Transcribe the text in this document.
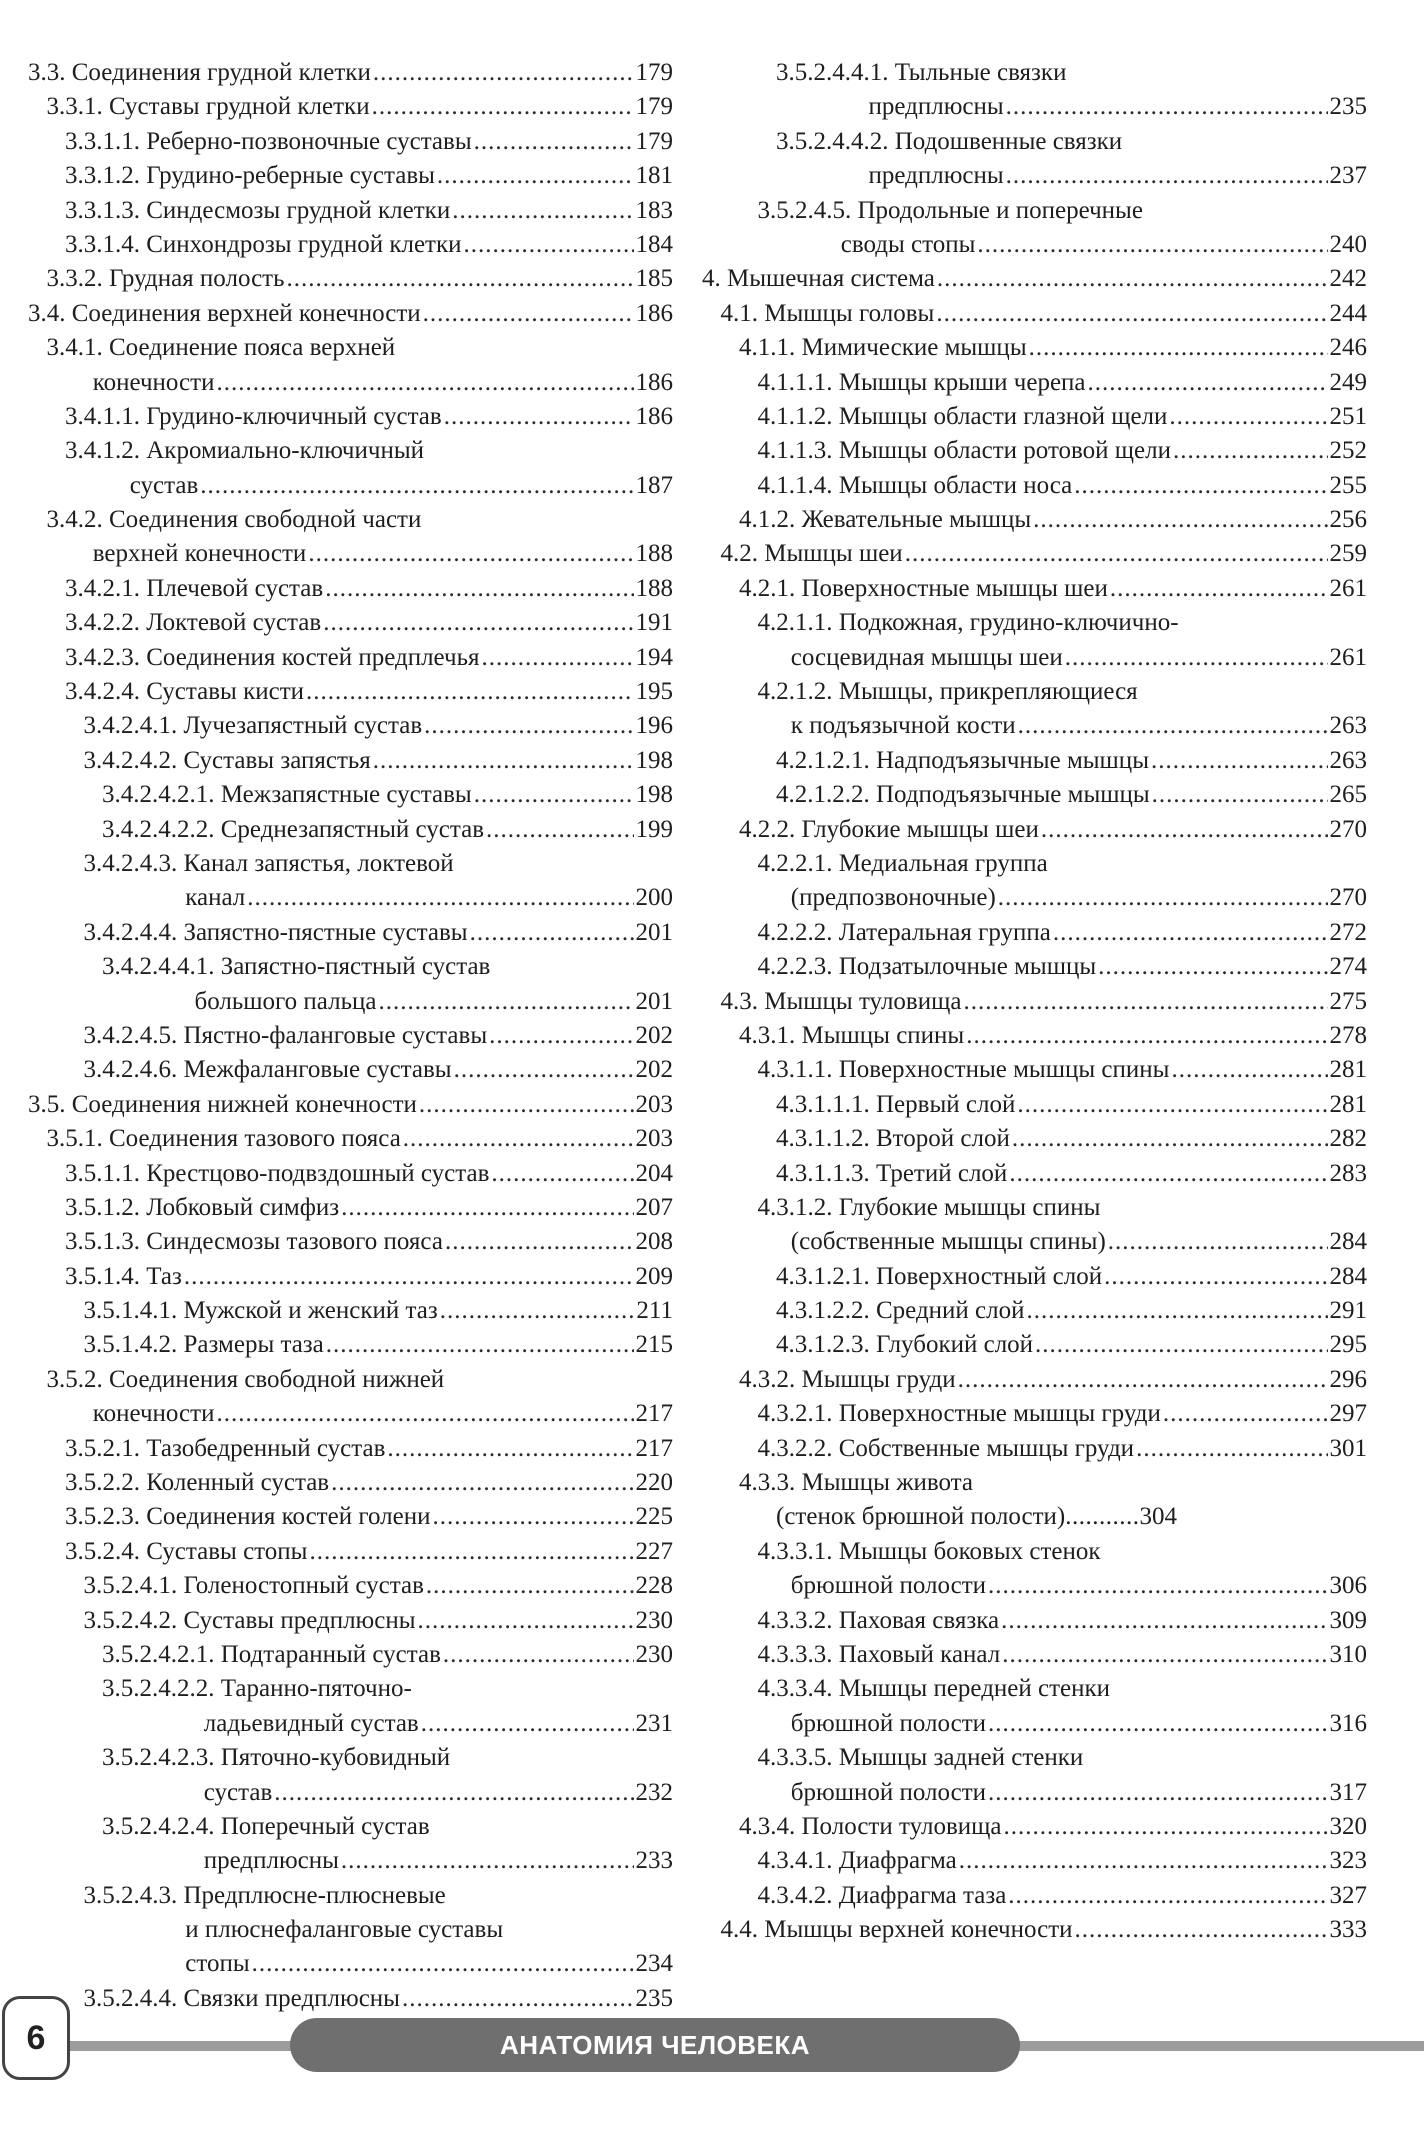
3.3. Соединения грудной клетки .....	179
3.3.1. Суставы грудной клетки .....	179
3.3.1.1. Реберно-позвоночные суставы .....	179
3.3.1.2. Грудино-реберные суставы .....	181
3.3.1.3. Синдесмозы грудной клетки .....	183
3.3.1.4. Синхондрозы грудной клетки .....	184
3.3.2. Грудная полость .....	185
3.4. Соединения верхней конечности .....	186
3.4.1. Соединение пояса верхней
конечности .....	186
3.4.1.1. Грудино-ключичный сустав .....	186
3.4.1.2. Акромиально-ключичный
сустав .....	187
3.4.2. Соединения свободной части
верхней конечности .....	188
3.4.2.1. Плечевой сустав .....	188
3.4.2.2. Локтевой сустав .....	191
3.4.2.3. Соединения костей предплечья .....	194
3.4.2.4. Суставы кисти .....	195
3.4.2.4.1. Лучезапястный сустав .....	196
3.4.2.4.2. Суставы запястья .....	198
3.4.2.4.2.1. Межзапястные суставы .....	198
3.4.2.4.2.2. Среднезапястный сустав .....	199
3.4.2.4.3. Канал запястья, локтевой
канал .....	200
3.4.2.4.4. Запястно-пястные суставы .....	201
3.4.2.4.4.1. Запястно-пястный сустав
большого пальца .....	201
3.4.2.4.5. Пястно-фаланговые суставы .....	202
3.4.2.4.6. Межфаланговые суставы .....	202
3.5. Соединения нижней конечности .....	203
3.5.1. Соединения тазового пояса .....	203
3.5.1.1. Крестцово-подвздошный сустав .....	204
3.5.1.2. Лобковый симфиз .....	207
3.5.1.3. Синдесмозы тазового пояса .....	208
3.5.1.4. Таз .....	209
3.5.1.4.1. Мужской и женский таз .....	211
3.5.1.4.2. Размеры таза .....	215
3.5.2. Соединения свободной нижней
конечности .....	217
3.5.2.1. Тазобедренный сустав .....	217
3.5.2.2. Коленный сустав .....	220
3.5.2.3. Соединения костей голени .....	225
3.5.2.4. Суставы стопы .....	227
3.5.2.4.1. Голеностопный сустав .....	228
3.5.2.4.2. Суставы предплюсны .....	230
3.5.2.4.2.1. Подтаранный сустав .....	230
3.5.2.4.2.2. Таранно-пяточно-
ладьевидный сустав .....	231
3.5.2.4.2.3. Пяточно-кубовидный
сустав .....	232
3.5.2.4.2.4. Поперечный сустав
предплюсны .....	233
3.5.2.4.3. Предплюсне-плюсневые
и плюснефаланговые суставы
стопы .....	234
3.5.2.4.4. Связки предплюсны .....	235
3.5.2.4.4.1. Тыльные связки
предплюсны .....	235
3.5.2.4.4.2. Подошвенные связки
предплюсны .....	237
3.5.2.4.5. Продольные и поперечные
своды стопы .....	240
4. Мышечная система .....	242
4.1. Мышцы головы .....	244
4.1.1. Мимические мышцы .....	246
4.1.1.1. Мышцы крыши черепа .....	249
4.1.1.2. Мышцы области глазной щели .....	251
4.1.1.3. Мышцы области ротовой щели .....	252
4.1.1.4. Мышцы области носа .....	255
4.1.2. Жевательные мышцы .....	256
4.2. Мышцы шеи .....	259
4.2.1. Поверхностные мышцы шеи .....	261
4.2.1.1. Подкожная, грудино-ключично-
сосцевидная мышцы шеи .....	261
4.2.1.2. Мышцы, прикрепляющиеся
к подъязычной кости .....	263
4.2.1.2.1. Надподъязычные мышцы .....	263
4.2.1.2.2. Подподъязычные мышцы .....	265
4.2.2. Глубокие мышцы шеи .....	270
4.2.2.1. Медиальная группа
(предпозвоночные) .....	270
4.2.2.2. Латеральная группа .....	272
4.2.2.3. Подзатылочные мышцы .....	274
4.3. Мышцы туловища .....	275
4.3.1. Мышцы спины .....	278
4.3.1.1. Поверхностные мышцы спины .....	281
4.3.1.1.1. Первый слой .....	281
4.3.1.1.2. Второй слой .....	282
4.3.1.1.3. Третий слой .....	283
4.3.1.2. Глубокие мышцы спины
(собственные мышцы спины) .....	284
4.3.1.2.1. Поверхностный слой .....	284
4.3.1.2.2. Средний слой .....	291
4.3.1.2.3. Глубокий слой .....	295
4.3.2. Мышцы груди .....	296
4.3.2.1. Поверхностные мышцы груди .....	297
4.3.2.2. Собственные мышцы груди .....	301
4.3.3. Мышцы живота
(стенок брюшной полости) ........... 304
4.3.3.1. Мышцы боковых стенок
брюшной полости .....	306
4.3.3.2. Паховая связка .....	309
4.3.3.3. Паховый канал .....	310
4.3.3.4. Мышцы передней стенки
брюшной полости .....	316
4.3.3.5. Мышцы задней стенки
брюшной полости .....	317
4.3.4. Полости туловища .....	320
4.3.4.1. Диафрагма .....	323
4.3.4.2. Диафрагма таза .....	327
4.4. Мышцы верхней конечности .....	333
6	АНАТОМИЯ ЧЕЛОВЕКА
